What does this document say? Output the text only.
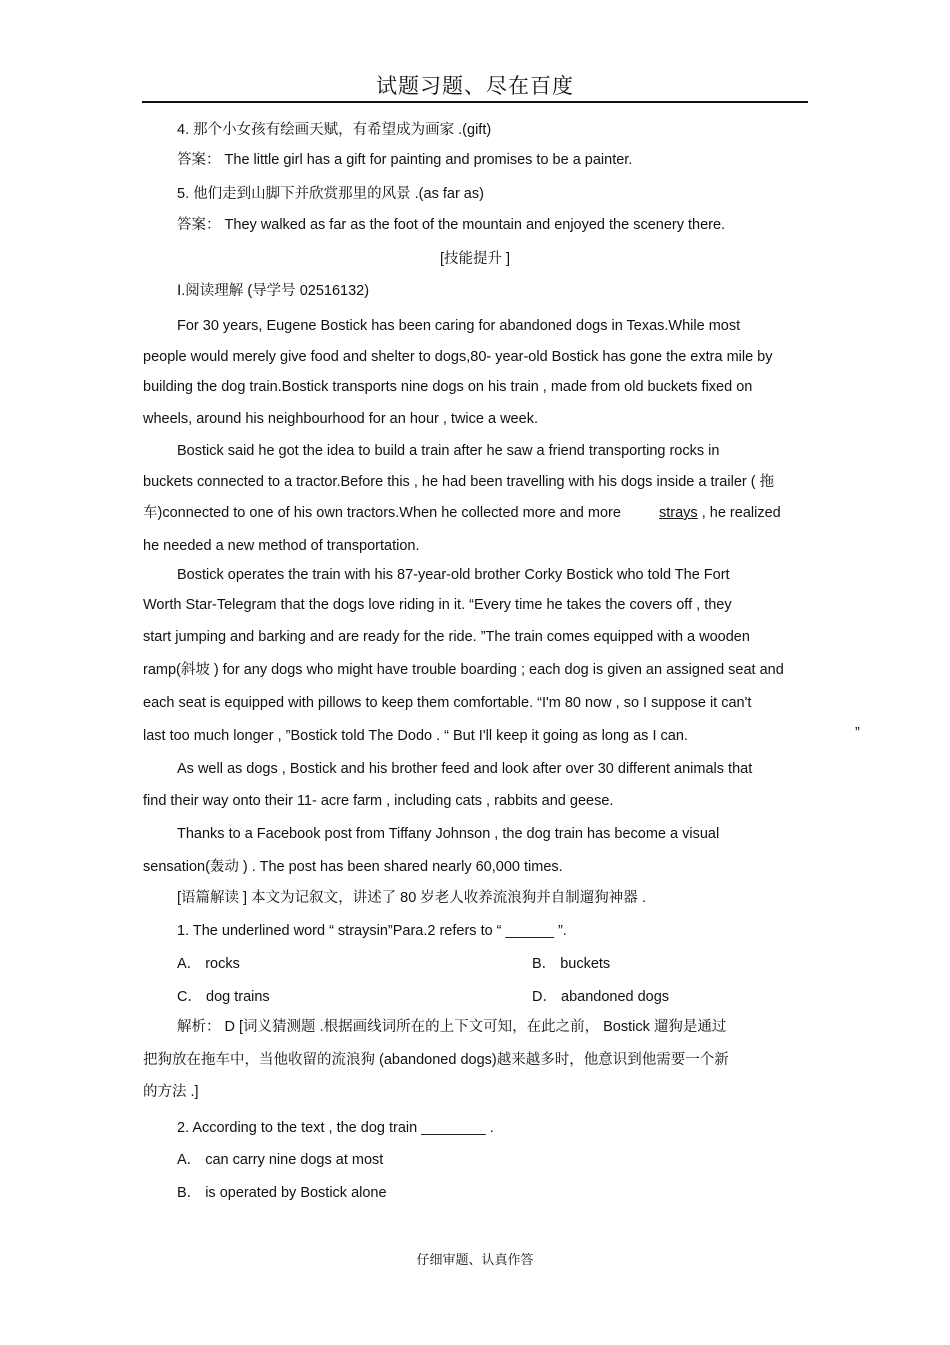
试题习题、尽在百度
4. 那个小女孩有绘画天赋，有希望成为画家 .(gift)
答案： The little girl has a gift for painting and promises to be a painter.
5. 他们走到山脚下并欣赏那里的风景 .(as far as)
答案： They walked as far as the foot of the mountain and enjoyed the scenery there.
[技能提升 ]
Ⅰ.阅读理解 (导学号 02516132)
For 30 years, Eugene Bostick has been caring for abandoned dogs in Texas.While most
people would merely give food and shelter to dogs,80- year-old Bostick has gone the extra mile by
building the dog train.Bostick transports nine dogs on his train , made from old buckets fixed on
wheels, around his neighbourhood for an hour , twice a week.
Bostick said he got the idea to build a train after he saw a friend transporting rocks in
buckets connected to a tractor.Before this , he had been travelling with his dogs inside a trailer ( 拖
车)connected to one of his own tractors.When he collected more and more	strays , he realized
he needed a new method of transportation.
Bostick operates the train with his 87-year-old brother Corky Bostick who told The Fort
Worth Star-Telegram that the dogs love riding in it. “Every time he takes the covers off , they
start jumping and barking and are ready for the ride. ”The train comes equipped with a wooden
ramp(斜坡 ) for any dogs who might have trouble boarding ; each dog is given an assigned seat and
each seat is equipped with pillows to keep them comfortable. “I'm 80 now , so I suppose it can't
last too much longer , ”Bostick told The Dodo . “ But I'll keep it going as long as I can.	”
As well as dogs , Bostick and his brother feed and look after over 30 different animals that
find their way onto their 11- acre farm , including cats , rabbits and geese.
Thanks to a Facebook post from Tiffany Johnson , the dog train has become a visual
sensation(轰动 ) . The post has been shared nearly 60,000 times.
[语篇解读 ] 本文为记叙文，讲述了 80 岁老人收养流浪狗并自制遛狗神器 .
1. The underlined word “ straysin”Para.2 refers to “ ______ ”.
A． rocks	B． buckets
C． dog trains	D． abandoned dogs
解析： D [词义猜测题 .根据画线词所在的上下文可知，在此之前， Bostick 遛狗是通过
把狗放在拖车中，当他收留的流浪狗 (abandoned dogs)越来越多时，他意识到他需要一个新
的方法 .]
2. According to the text , the dog train ________ .
A． can carry nine dogs at most
B． is operated by Bostick alone
仔细审题、认真作答
